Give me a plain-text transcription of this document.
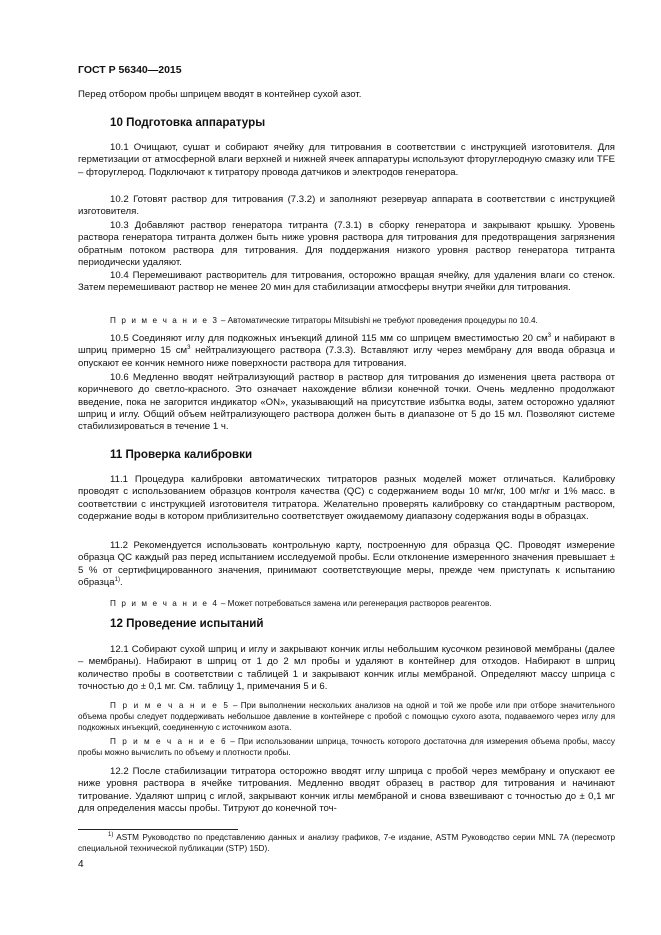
ГОСТ Р 56340—2015

Перед отбором пробы шприцем вводят в контейнер сухой азот.

10 Подготовка аппаратуры

10.1 Очищают, сушат и собирают ячейку для титрования в соответствии с инструкцией изготовителя. Для герметизации от атмосферной влаги верхней и нижней ячеек аппаратуры используют фторуглеродную смазку или TFE – фторуглерод. Подключают к титратору провода датчиков и электродов генератора.

10.2 Готовят раствор для титрования (7.3.2) и заполняют резервуар аппарата в соответствии с инструкцией изготовителя.

10.3 Добавляют раствор генератора титранта (7.3.1) в сборку генератора и закрывают крышку. Уровень раствора генератора титранта должен быть ниже уровня раствора для титрования для предотвращения загрязнения обратным потоком раствора для титрования. Для поддержания низкого уровня раствор генератора титранта периодически удаляют.

10.4 Перемешивают растворитель для титрования, осторожно вращая ячейку, для удаления влаги со стенок. Затем перемешивают раствор не менее 20 мин для стабилизации атмосферы внутри ячейки для титрования.

П р и м е ч а н и е 3 – Автоматические титраторы Mitsubishi не требуют проведения процедуры по 10.4.

10.5 Соединяют иглу для подкожных инъекций длиной 115 мм со шприцем вместимостью 20 $см^3$ и набирают в шприц примерно 15 $см^3$ нейтрализующего раствора (7.3.3). Вставляют иглу через мембрану для ввода образца и опускают ее кончик немного ниже поверхности раствора для титрования.

10.6 Медленно вводят нейтрализующий раствор в раствор для титрования до изменения цвета раствора от коричневого до светло-красного. Это означает нахождение вблизи конечной точки. Очень медленно продолжают введение, пока не загорится индикатор «ON», указывающий на присутствие избытка воды, затем осторожно удаляют шприц и иглу. Общий объем нейтрализующего раствора должен быть в диапазоне от 5 до 15 мл. Позволяют системе стабилизироваться в течение 1 ч.

11 Проверка калибровки

11.1 Процедура калибровки автоматических титраторов разных моделей может отличаться. Калибровку проводят с использованием образцов контроля качества (QC) с содержанием воды 10 мг/кг, 100 мг/кг и 1% масс. в соответствии с инструкцией изготовителя титратора. Желательно проверять калибровку со стандартным раствором, содержание воды в котором приблизительно соответствует ожидаемому диапазону содержания воды в образцах.

11.2 Рекомендуется использовать контрольную карту, построенную для образца QC. Проводят измерение образца QC каждый раз перед испытанием исследуемой пробы. Если отклонение измеренного значения превышает ± 5 % от сертифицированного значения, принимают соответствующие меры, прежде чем приступать к испытанию образца$^{1)}$.

П р и м е ч а н и е 4 – Может потребоваться замена или регенерация растворов реагентов.

12 Проведение испытаний

12.1 Собирают сухой шприц и иглу и закрывают кончик иглы небольшим кусочком резиновой мембраны (далее – мембраны). Набирают в шприц от 1 до 2 мл пробы и удаляют в контейнер для отходов. Набирают в шприц количество пробы в соответствии с таблицей 1 и закрывают кончик иглы мембраной. Определяют массу шприца с точностью до ± 0,1 мг. См. таблицу 1, примечания 5 и 6.

П р и м е ч а н и е 5 – При выполнении нескольких анализов на одной и той же пробе или при отборе значительного объема пробы следует поддерживать небольшое давление в контейнере с пробой с помощью сухого азота, подаваемого через иглу для подкожных инъекций, соединенную с источником азота.

П р и м е ч а н и е 6 – При использовании шприца, точность которого достаточна для измерения объема пробы, массу пробы можно вычислить по объему и плотности пробы.

12.2 После стабилизации титратора осторожно вводят иглу шприца с пробой через мембрану и опускают ее ниже уровня раствора в ячейке титрования. Медленно вводят образец в раствор для титрования и начинают титрование. Удаляют шприц с иглой, закрывают кончик иглы мембраной и снова взвешивают с точностью до ± 0,1 мг для определения массы пробы. Титруют до конечной точ-

$^{1)}$ ASTM Руководство по представлению данных и анализу графиков, 7-е издание, ASTM Руководство серии MNL 7A (пересмотр специальной технической публикации (STP) 15D).

4
